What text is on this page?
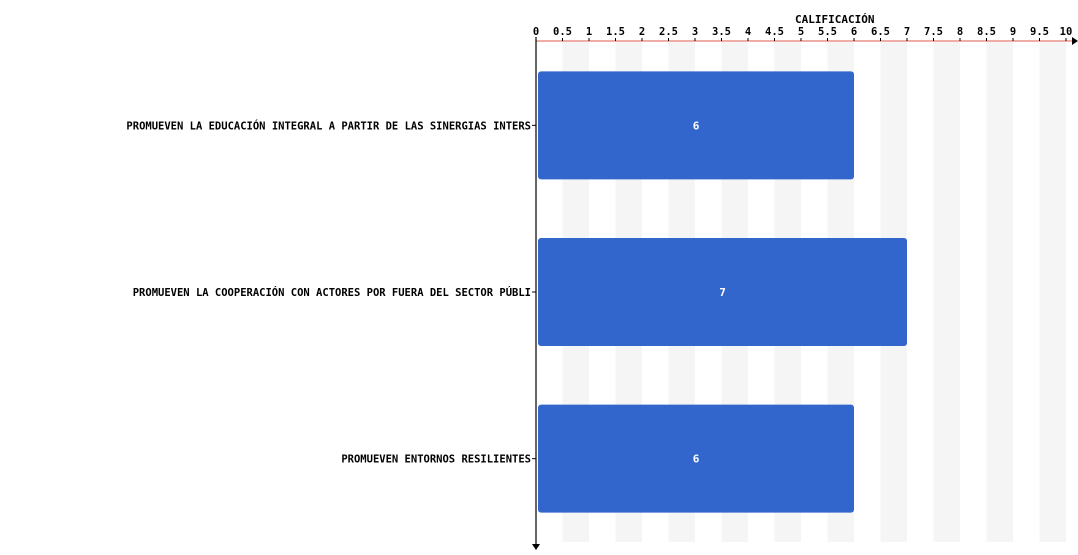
CALIFICACIÓN
0 0.5 1 1.5 2 2.5 3 3.5 4 4.5 5 5.5 6 6.5 7 7.5 8 8.5 9 9.5 10
PROMUEVEN LA EDUCACIÓN INTEGRAL A PARTIR DE LAS SINERGIAS INTERS	6
PROMUEVEN LA COOPERACIÓN CON ACTORES POR FUERA DEL SECTOR PÚBLI	7
PROMUEVEN ENTORNOS RESILIENTES	6
